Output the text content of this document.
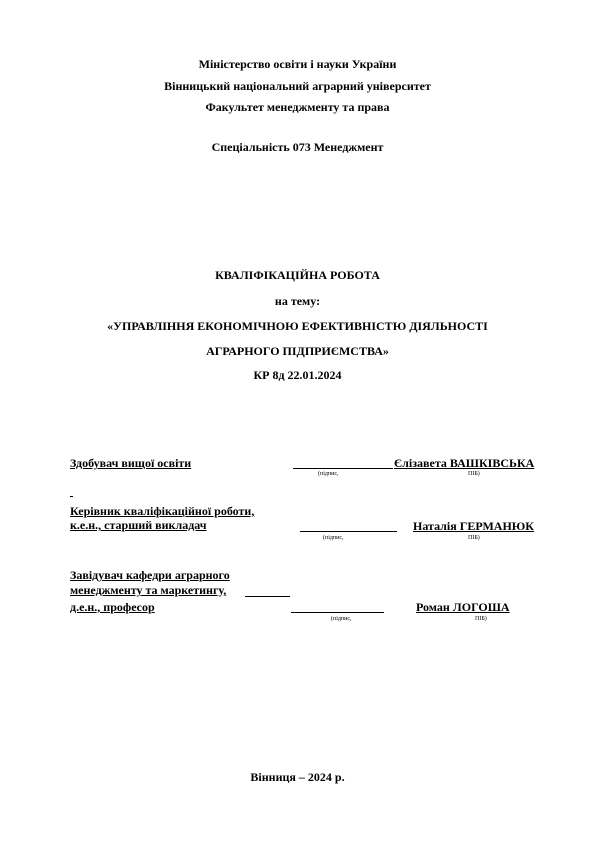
Міністерство освіти і науки України
Вінницький національний аграрний університет
Факультет менеджменту та права
Спеціальність 073 Менеджмент
КВАЛІФІКАЦІЙНА РОБОТА
на тему:
«УПРАВЛІННЯ ЕКОНОМІЧНОЮ ЕФЕКТИВНІСТЮ ДІЯЛЬНОСТІ
АГРАРНОГО ПІДПРИЄМСТВА»
КР 8д 22.01.2024
Здобувач вищої освіти	Єлізавета ВАШКІВСЬКА
(підпис,	ПІБ)
Керівник кваліфікаційної роботи,
к.е.н., старший викладач	Наталія ГЕРМАНЮК
(підпис,	ПІБ)
Завідувач кафедри аграрного
менеджменту та маркетингу,
д.е.н., професор	Роман ЛОГОША
(підпис,	ПІБ)
Вінниця – 2024 р.
